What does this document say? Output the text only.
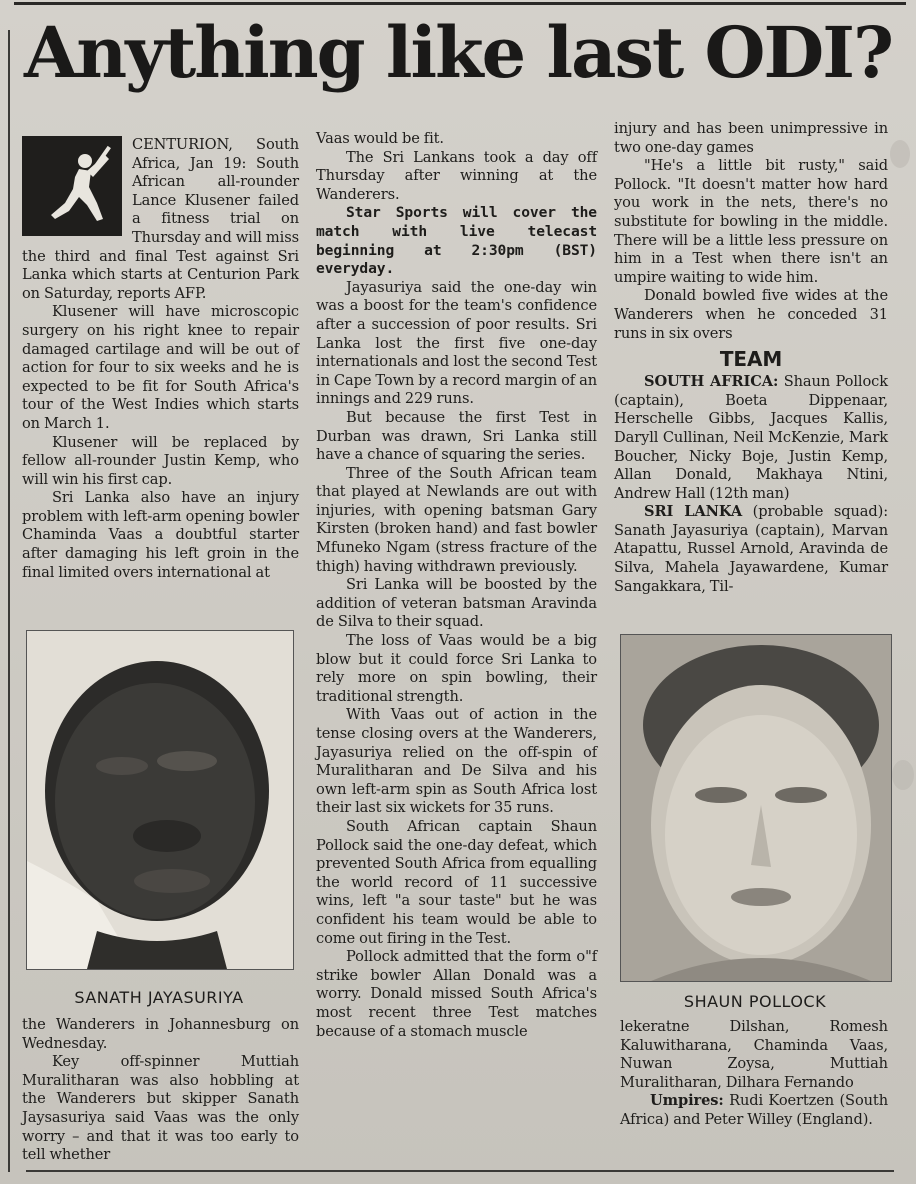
Anything like last ODI?

CENTURION, South Africa, Jan 19: South African all-rounder Lance Klusener failed a fitness trial on Thursday and will miss the third and final Test against Sri Lanka which starts at Centurion Park on Saturday, reports AFP.

Klusener will have microscopic surgery on his right knee to repair damaged cartilage and will be out of action for four to six weeks and he is expected to be fit for South Africa's tour of the West Indies which starts on March 1.

Klusener will be replaced by fellow all-rounder Justin Kemp, who will win his first cap.

Sri Lanka also have an injury problem with left-arm opening bowler Chaminda Vaas a doubtful starter after damaging his left groin in the final limited overs international at

SANATH JAYASURIYA

the Wanderers in Johannesburg on Wednesday.

Key off-spinner Muttiah Muralitharan was also hobbling at the Wanderers but skipper Sanath Jaysasuriya said Vaas was the only worry – and that it was too early to tell whether

Vaas would be fit.

The Sri Lankans took a day off Thursday after winning at the Wanderers.

Star Sports will cover the match with live telecast beginning at 2:30pm (BST) everyday.

Jayasuriya said the one-day win was a boost for the team's confidence after a succession of poor results. Sri Lanka lost the first five one-day internationals and lost the second Test in Cape Town by a record margin of an innings and 229 runs.

But because the first Test in Durban was drawn, Sri Lanka still have a chance of squaring the series.

Three of the South African team that played at Newlands are out with injuries, with opening batsman Gary Kirsten (broken hand) and fast bowler Mfuneko Ngam (stress fracture of the thigh) having withdrawn previously.

Sri Lanka will be boosted by the addition of veteran batsman Aravinda de Silva to their squad.

The loss of Vaas would be a big blow but it could force Sri Lanka to rely more on spin bowling, their traditional strength.

With Vaas out of action in the tense closing overs at the Wanderers, Jayasuriya relied on the off-spin of Muralitharan and De Silva and his own left-arm spin as South Africa lost their last six wickets for 35 runs.

South African captain Shaun Pollock said the one-day defeat, which prevented South Africa from equalling the world record of 11 successive wins, left "a sour taste" but he was confident his team would be able to come out firing in the Test.

Pollock admitted that the form o"f strike bowler Allan Donald was a worry. Donald missed South Africa's most recent three Test matches because of a stomach muscle

injury and has been unimpressive in two one-day games

"He's a little bit rusty," said Pollock. "It doesn't matter how hard you work in the nets, there's no substitute for bowling in the middle. There will be a little less pressure on him in a Test when there isn't an umpire waiting to wide him.

Donald bowled five wides at the Wanderers when he conceded 31 runs in six overs

TEAM

SOUTH AFRICA: Shaun Pollock (captain), Boeta Dippenaar, Herschelle Gibbs, Jacques Kallis, Daryll Cullinan, Neil McKenzie, Mark Boucher, Nicky Boje, Justin Kemp, Allan Donald, Makhaya Ntini, Andrew Hall (12th man)

SRI LANKA (probable squad): Sanath Jayasuriya (captain), Marvan Atapattu, Russel Arnold, Aravinda de Silva, Mahela Jayawardene, Kumar Sangakkara, Til-

SHAUN POLLOCK

lekeratne Dilshan, Romesh Kaluwitharana, Chaminda Vaas, Nuwan Zoysa, Muttiah Muralitharan, Dilhara Fernando

Umpires: Rudi Koertzen (South Africa) and Peter Willey (England).
